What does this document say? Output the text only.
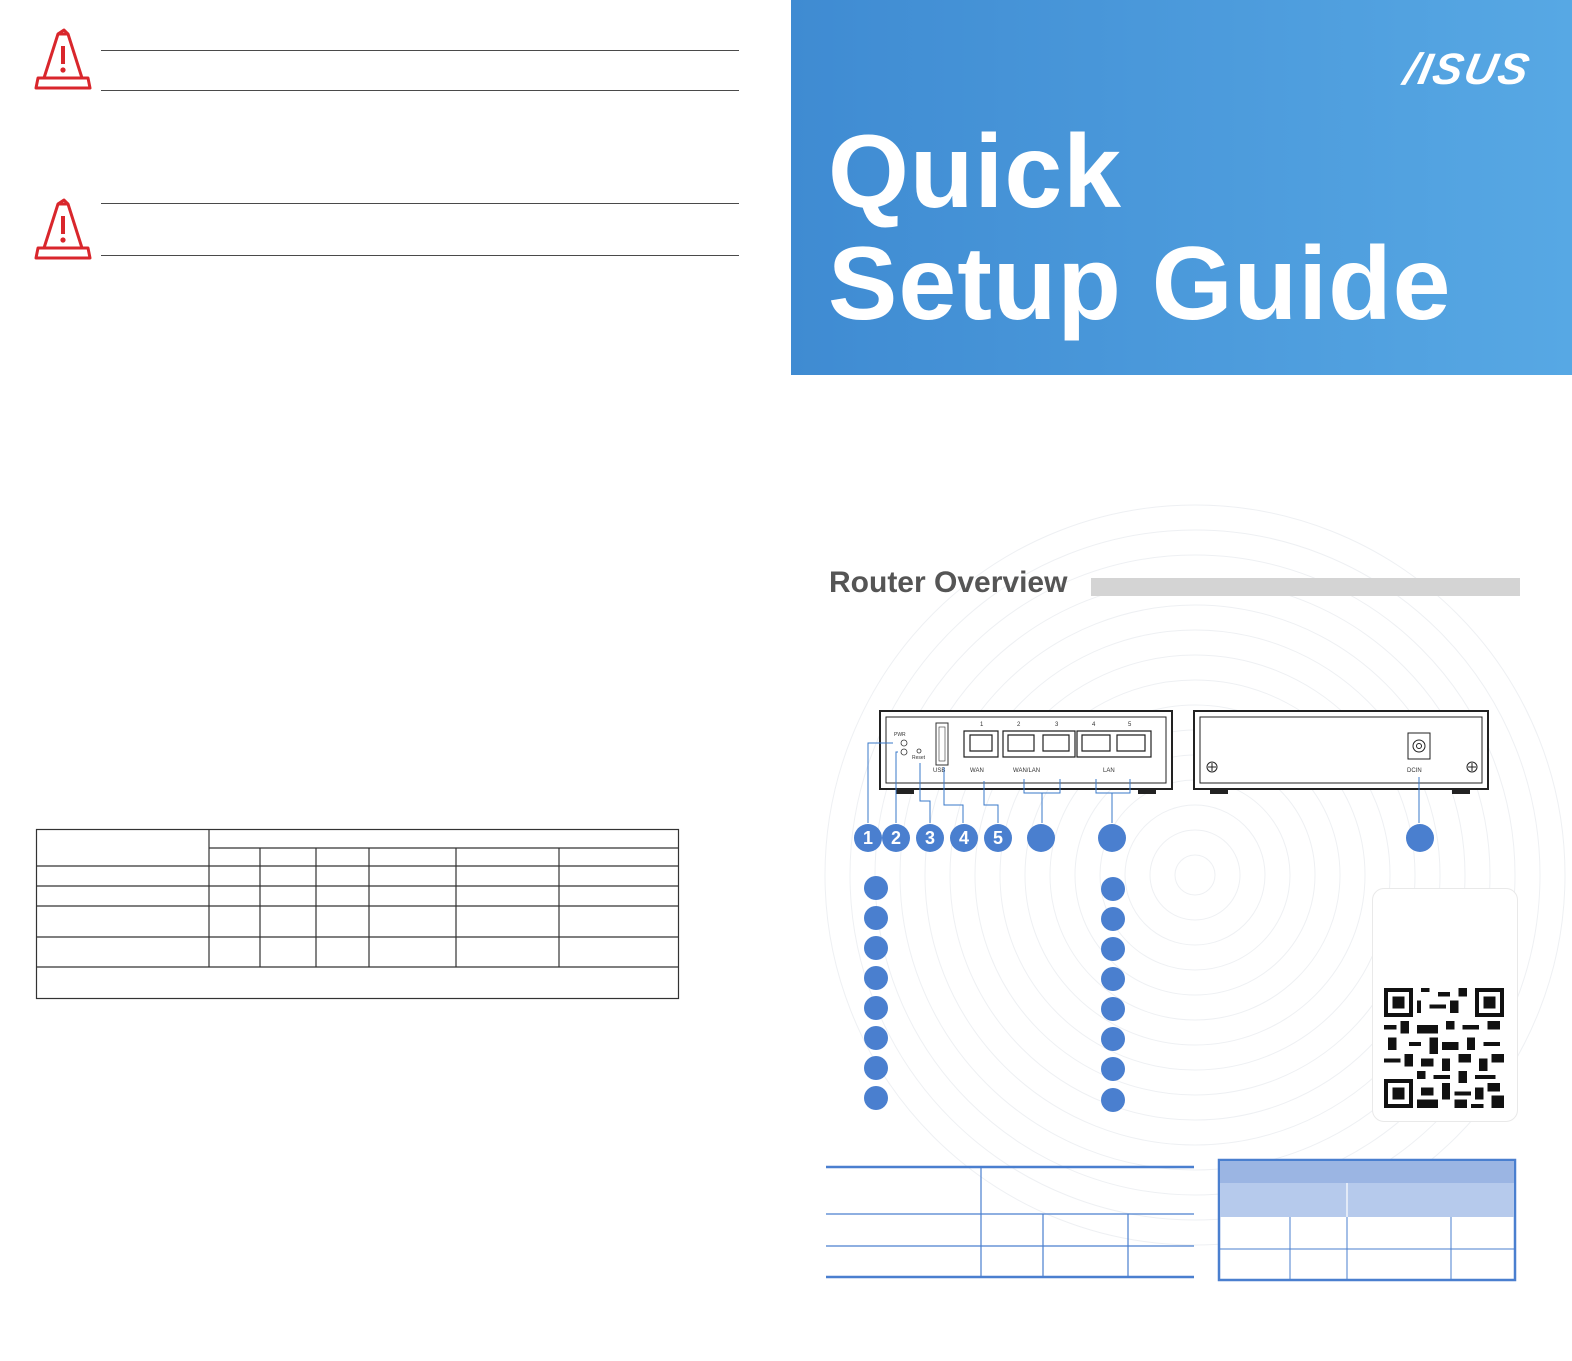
/ISUS
Quick
Setup Guide
Router Overview
PWR
Reset
1	2	3	4	5
USB	WAN	WAN/LAN	LAN	DCIN
1 2	3	4	5
